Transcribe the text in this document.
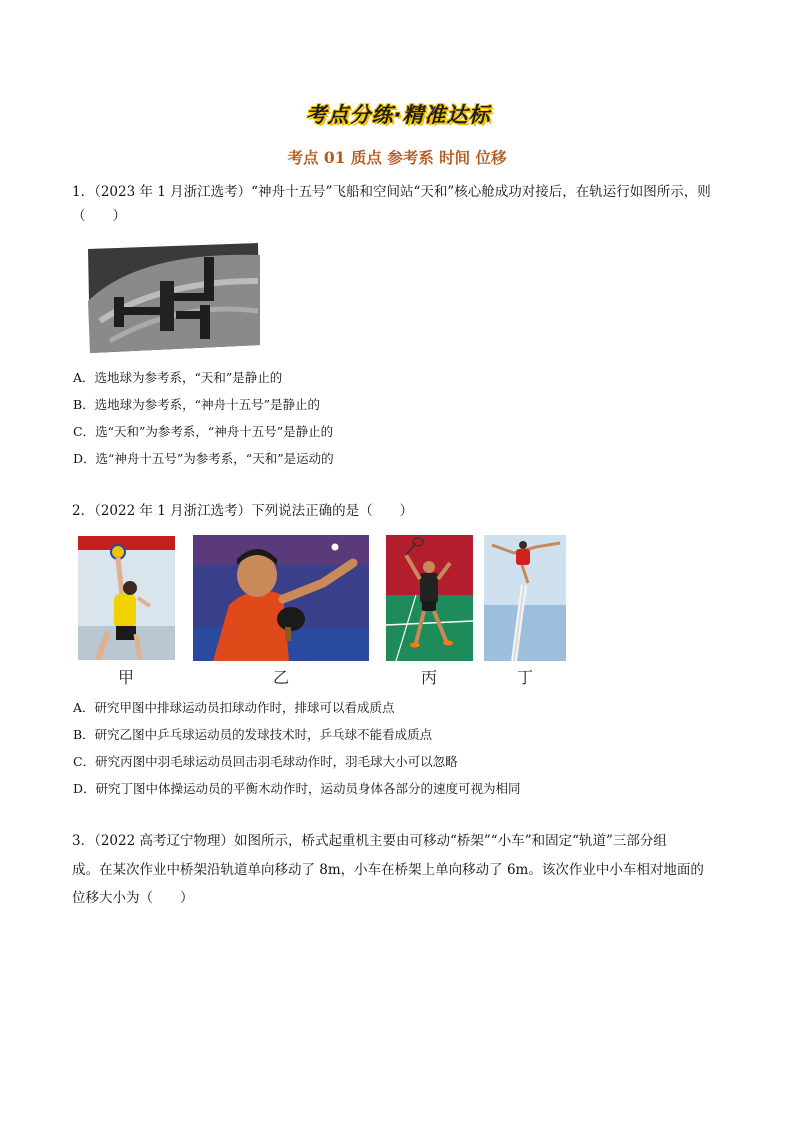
考点分练·精准达标
考点 01 质点 参考系 时间 位移
1．（2023 年 1 月浙江选考）“神舟十五号”飞船和空间站“天和”核心舱成功对接后，在轨运行如图所示，则（　　）
A．选地球为参考系，“天和”是静止的
B．选地球为参考系，“神舟十五号”是静止的
C．选“天和”为参考系，“神舟十五号”是静止的
D．选“神舟十五号”为参考系，“天和”是运动的
2．（2022 年 1 月浙江选考）下列说法正确的是（　　）
甲	乙	丙	丁
A．研究甲图中排球运动员扣球动作时，排球可以看成质点
B．研究乙图中乒乓球运动员的发球技术时，乒乓球不能看成质点
C．研究丙图中羽毛球运动员回击羽毛球动作时，羽毛球大小可以忽略
D．研究丁图中体操运动员的平衡木动作时，运动员身体各部分的速度可视为相同
3．（2022 高考辽宁物理）如图所示，桥式起重机主要由可移动“桥架”“小车”和固定“轨道”三部分组
成。在某次作业中桥架沿轨道单向移动了 8m，小车在桥架上单向移动了 6m。该次作业中小车相对地面的
位移大小为（　　）
